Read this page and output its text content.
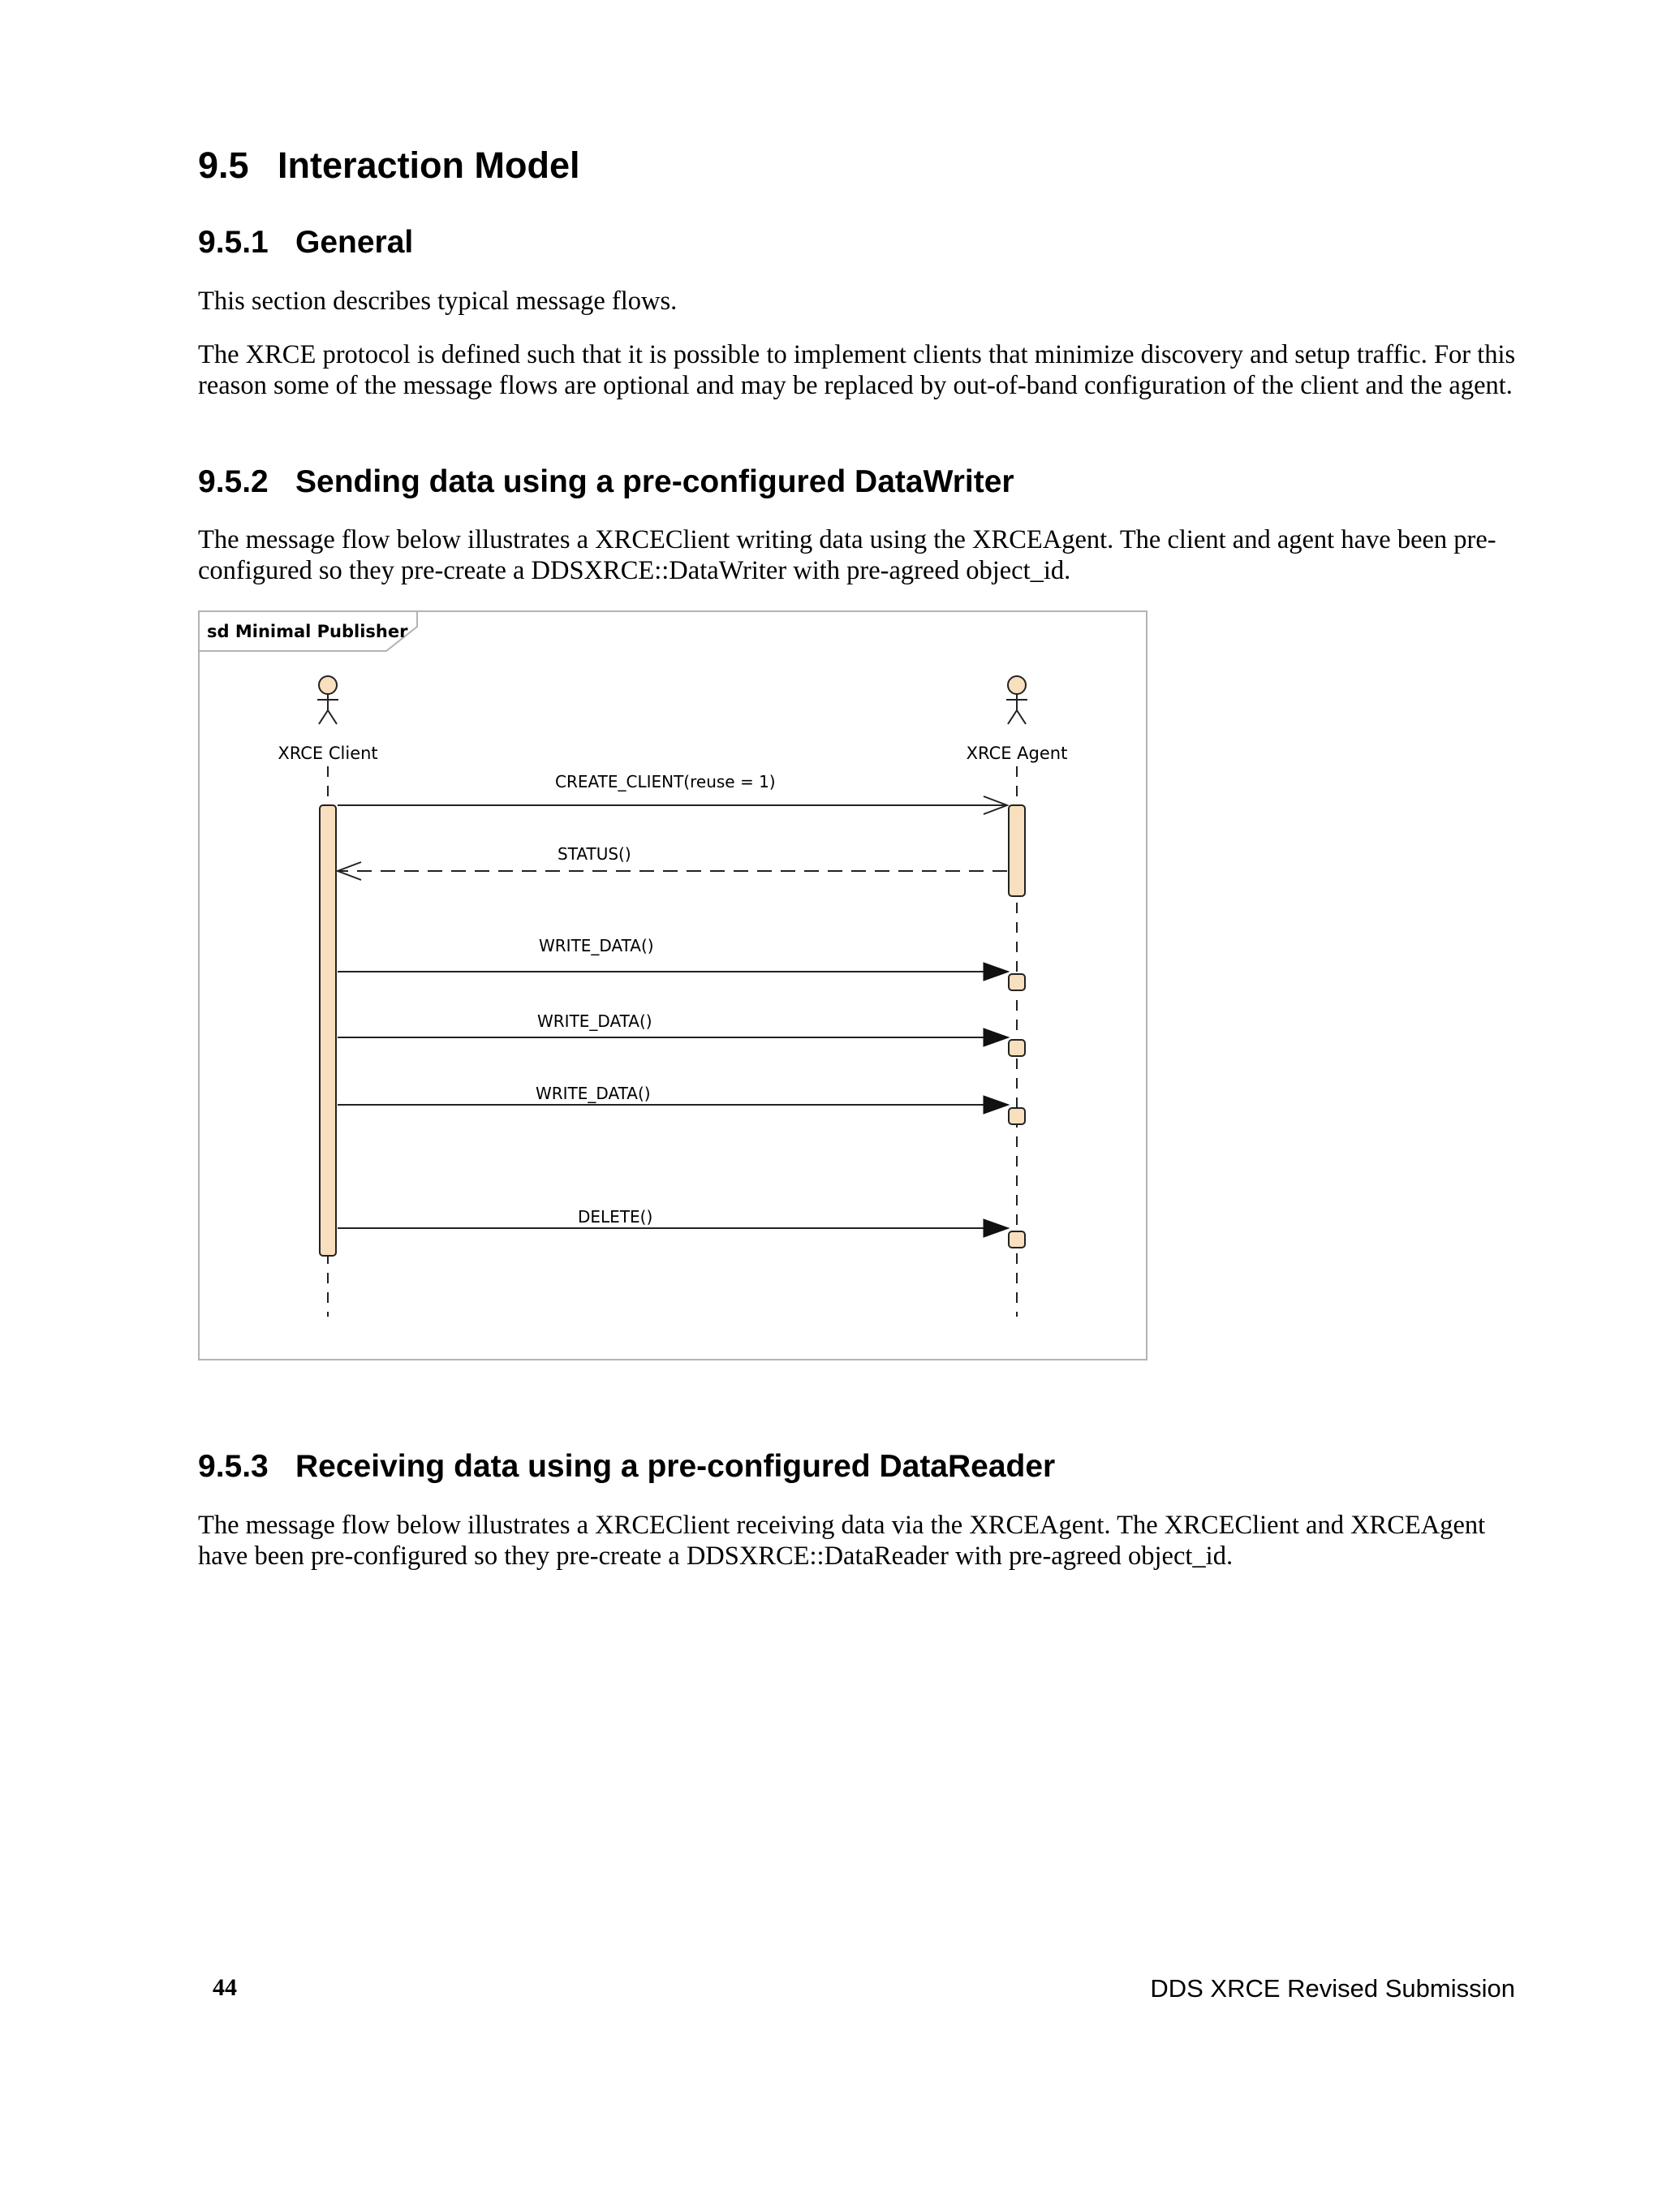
9.5 Interaction Model
9.5.1 General

This section describes typical message flows.

The XRCE protocol is defined such that it is possible to implement clients that minimize discovery and setup traffic. For this reason some of the message flows are optional and may be replaced by out-of-band configuration of the client and the agent.

9.5.2 Sending data using a pre-configured DataWriter

The message flow below illustrates a XRCEClient writing data using the XRCEAgent. The client and agent have been pre-configured so they pre-create a DDSXRCE::DataWriter with pre-agreed object_id.

sd Minimal Publisher
XRCE Client	XRCE Agent
CREATE_CLIENT(reuse = 1)
STATUS()
WRITE_DATA()
WRITE_DATA()
WRITE_DATA()
DELETE()
9.5.3 Receiving data using a pre-configured DataReader

The message flow below illustrates a XRCEClient receiving data via the XRCEAgent. The XRCEClient and XRCEAgent have been pre-configured so they pre-create a DDSXRCE::DataReader with pre-agreed object_id.

44	DDS XRCE Revised Submission
